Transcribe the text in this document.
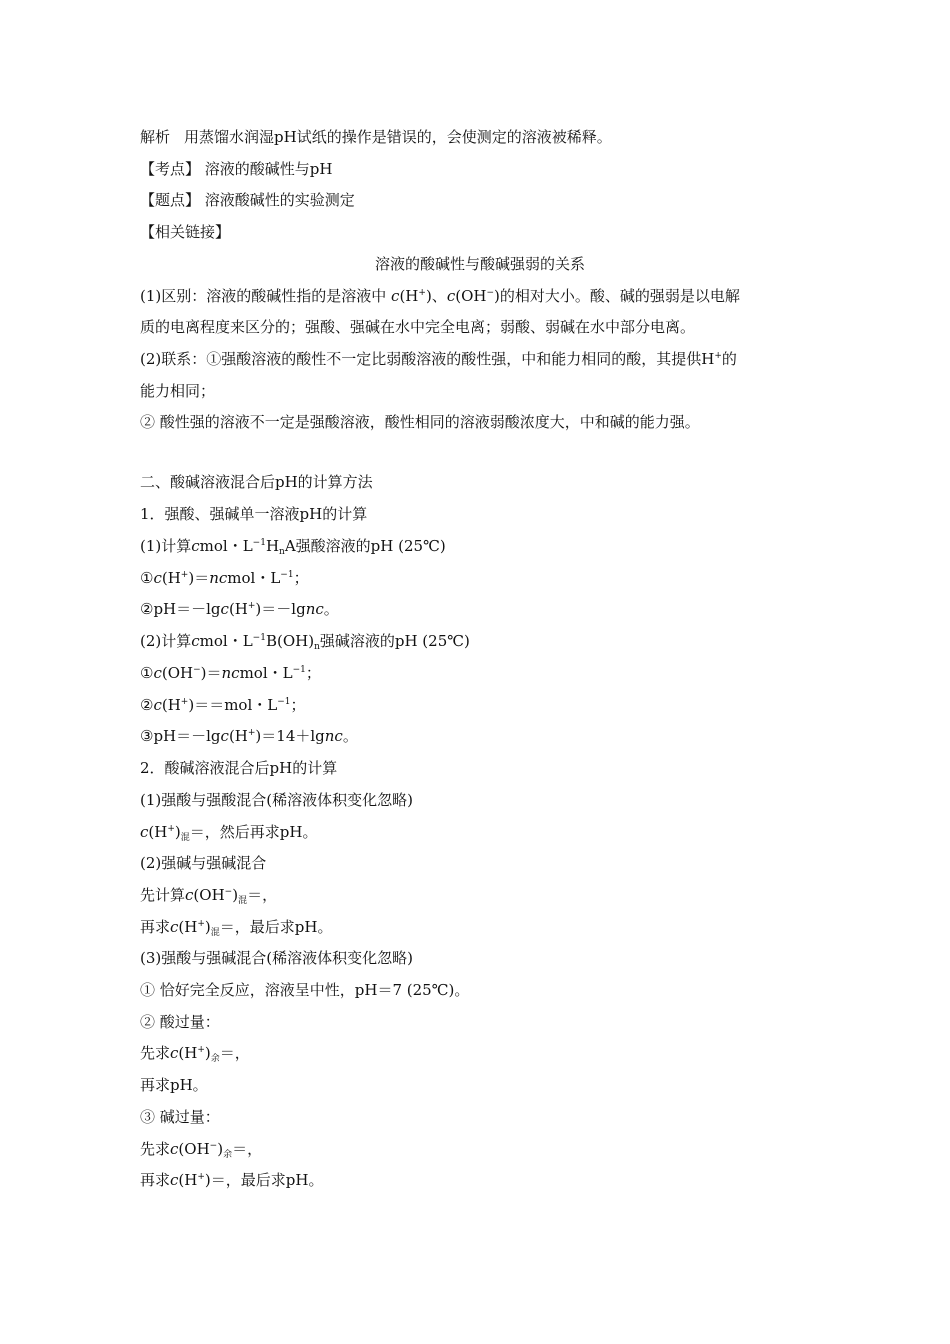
解析 用蒸馏水润湿pH试纸的操作是错误的，会使测定的溶液被稀释。
【考点】 溶液的酸碱性与pH
【题点】 溶液酸碱性的实验测定
【相关链接】
溶液的酸碱性与酸碱强弱的关系
(1)区别：溶液的酸碱性指的是溶液中 c(H+)、c(OH−)的相对大小。酸、碱的强弱是以电解
质的电离程度来区分的；强酸、强碱在水中完全电离；弱酸、弱碱在水中部分电离。
(2)联系：①强酸溶液的酸性不一定比弱酸溶液的酸性强，中和能力相同的酸，其提供H+的
能力相同；
② 酸性强的溶液不一定是强酸溶液，酸性相同的溶液弱酸浓度大，中和碱的能力强。
二、酸碱溶液混合后pH的计算方法
1．强酸、强碱单一溶液pH的计算
(1)计算cmol・$L^{-1}H_nA$强酸溶液的pH (25℃)
①c(H+)＝ncmol・$L^{-1}$；
②pH＝－lgc(H+)＝－lgnc。
(2)计算cmol・$L^{-1}B(OH)_n$强碱溶液的pH (25℃)
①c(OH−)＝ncmol・$L^{-1}$；
②c(H+)＝＝mol・$L^{-1}$；
③pH＝－lgc(H+)＝14＋lgnc。
2．酸碱溶液混合后pH的计算
(1)强酸与强酸混合(稀溶液体积变化忽略)
$c(H^+)_混=$，然后再求pH。
(2)强碱与强碱混合
先计算$c(OH^-)_混=$，
再求$c(H^+)_混=$，最后求pH。
(3)强酸与强碱混合(稀溶液体积变化忽略)
① 恰好完全反应，溶液呈中性，pH＝7 (25℃)。
② 酸过量：
先求$c(H^+)_余=$，
再求pH。
③ 碱过量：
先求$c(OH^-)_余=$，
再求c(H+)＝，最后求pH。
